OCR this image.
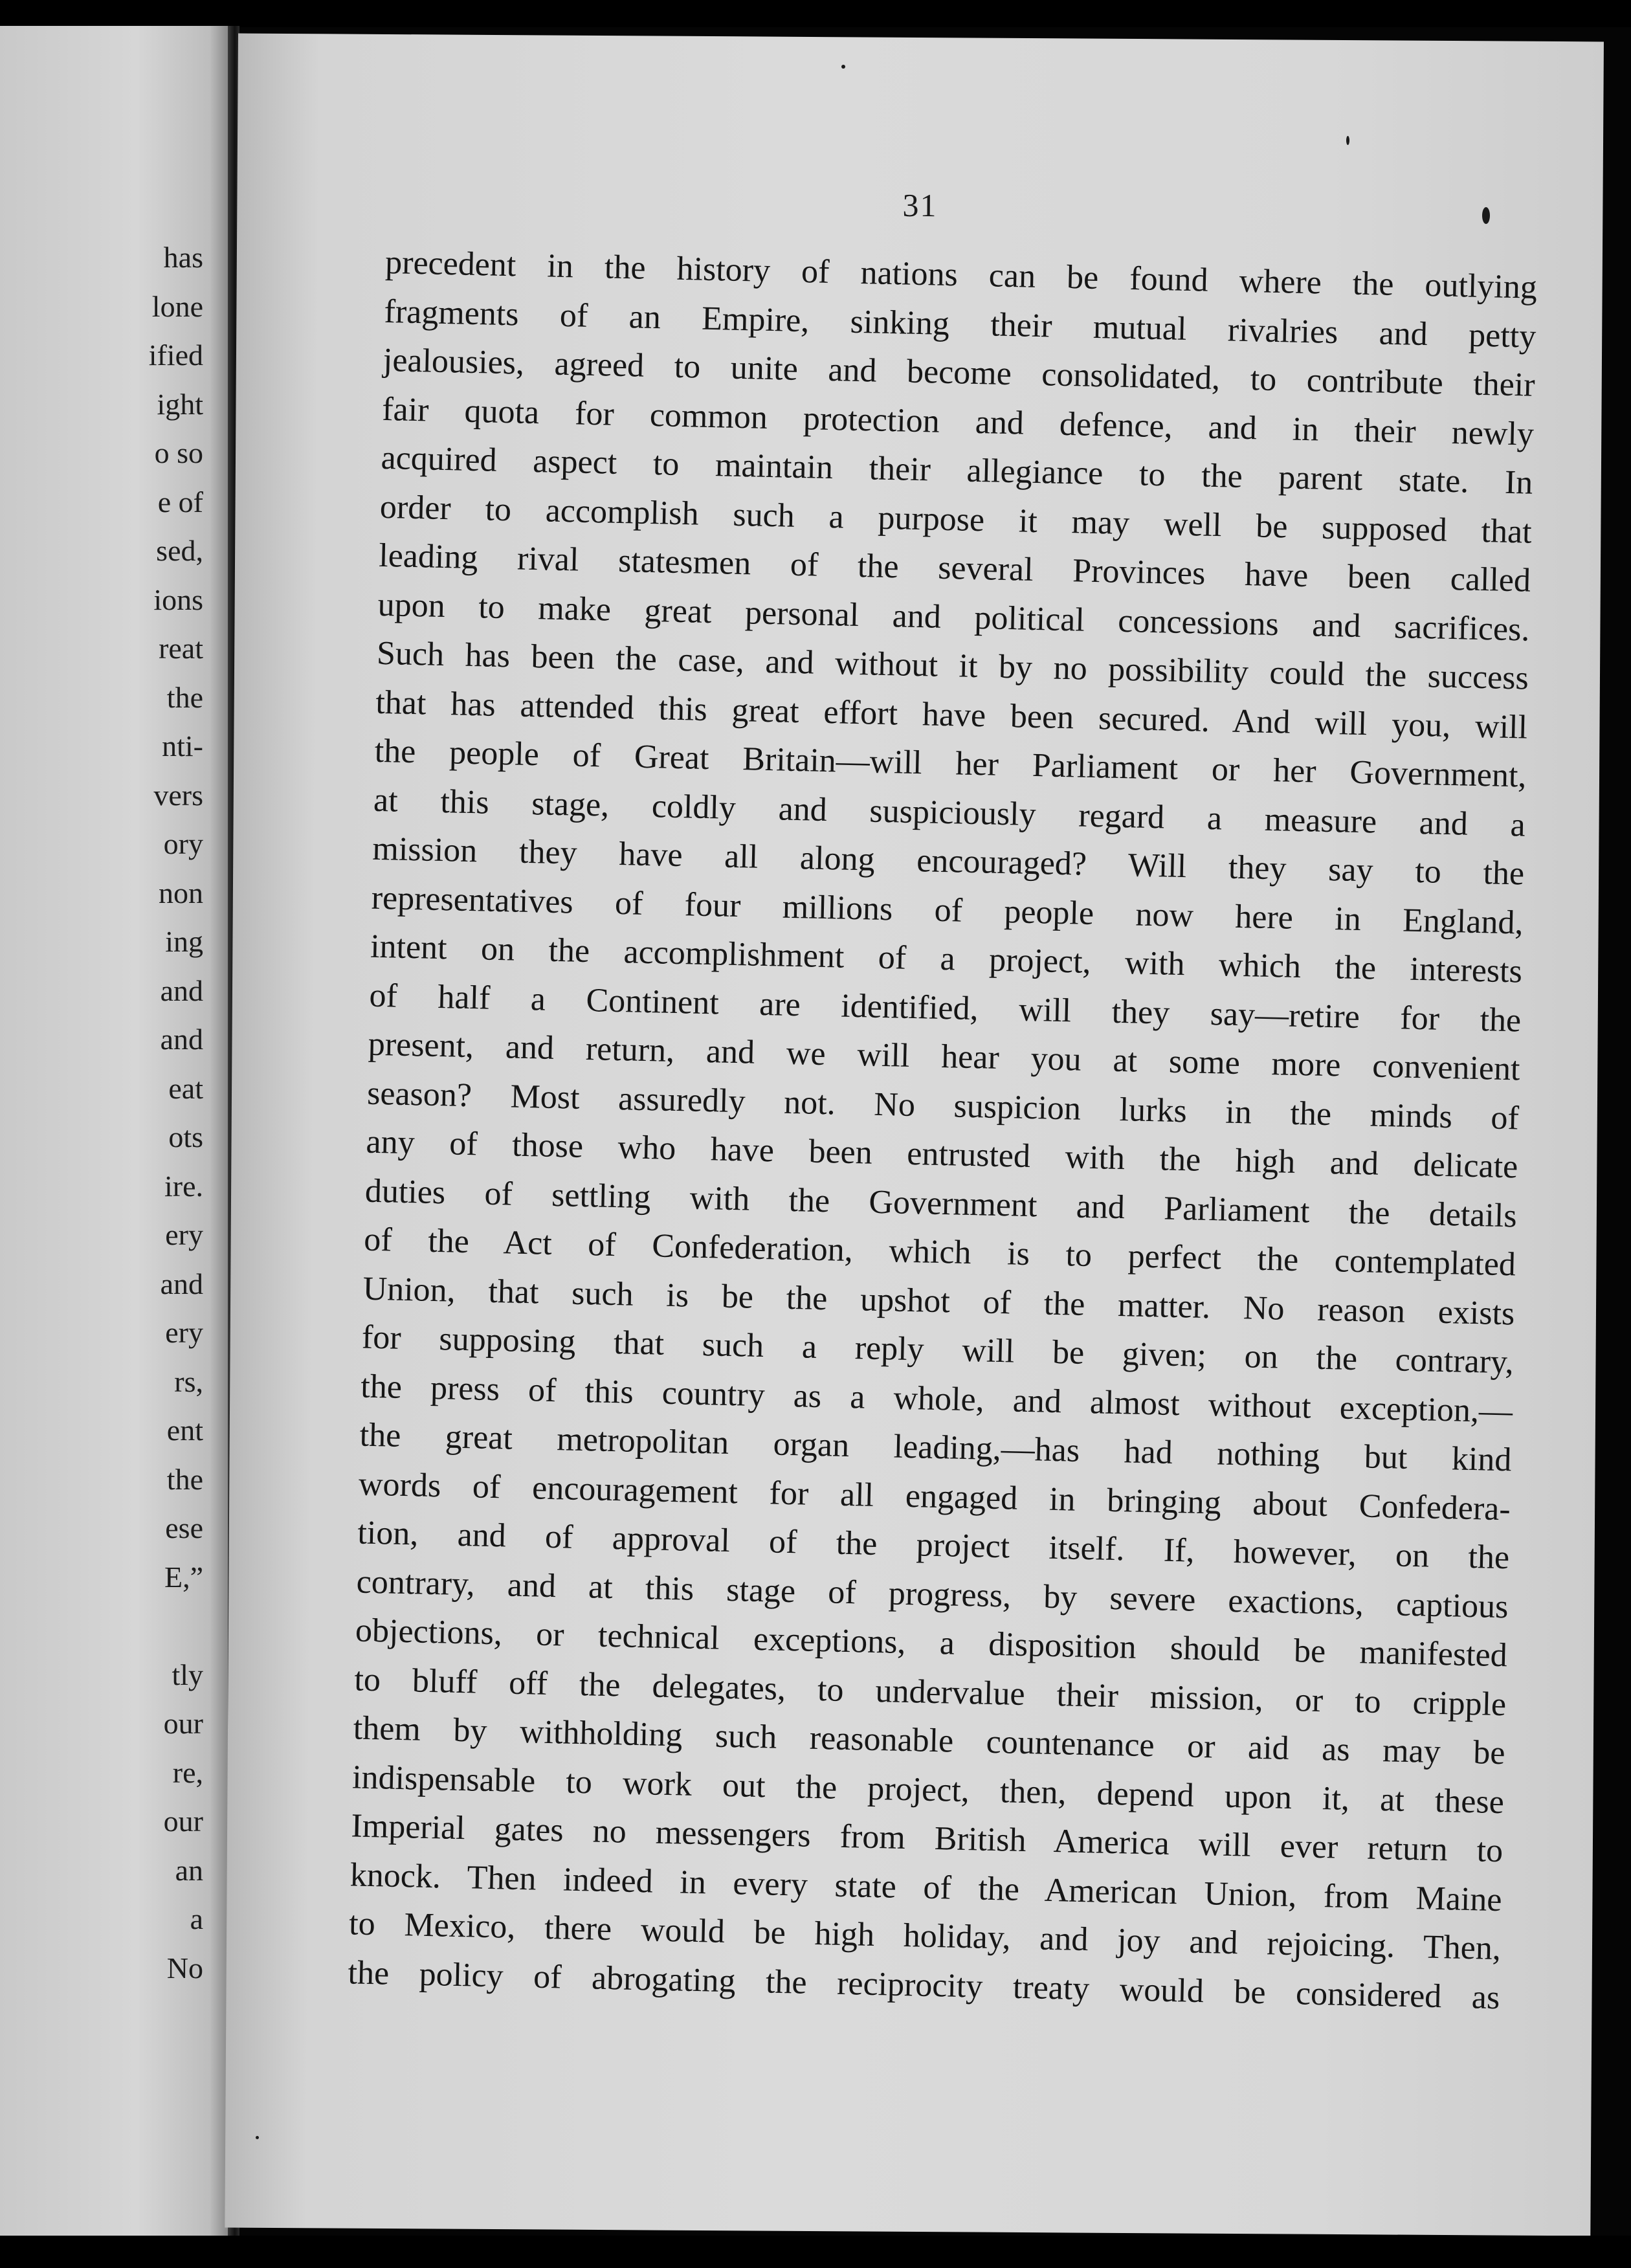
has
lone
ified
ight
o so
e of
sed,
ions
reat
the
nti-
vers
ory
non
ing
and
and
eat
ots
ire.
ery
and
ery
rs,
ent
the
ese
E,”
tly
our
re,
our
an
a
No
31
precedent in the history of nations can be found where the outlying
fragments of an Empire, sinking their mutual rivalries and petty
jealousies, agreed to unite and become consolidated, to contribute their
fair quota for common protection and defence, and in their newly
acquired aspect to maintain their allegiance to the parent state. In
order to accomplish such a purpose it may well be supposed that
leading rival statesmen of the several Provinces have been called
upon to make great personal and political concessions and sacrifices.
Such has been the case, and without it by no possibility could the success
that has attended this great effort have been secured. And will you, will
the people of Great Britain—will her Parliament or her Government,
at this stage, coldly and suspiciously regard a measure and a
mission they have all along encouraged? Will they say to the
representatives of four millions of people now here in England,
intent on the accomplishment of a project, with which the interests
of half a Continent are identified, will they say—retire for the
present, and return, and we will hear you at some more convenient
season? Most assuredly not. No suspicion lurks in the minds of
any of those who have been entrusted with the high and delicate
duties of settling with the Government and Parliament the details
of the Act of Confederation, which is to perfect the contemplated
Union, that such is be the upshot of the matter. No reason exists
for supposing that such a reply will be given; on the contrary,
the press of this country as a whole, and almost without exception,—
the great metropolitan organ leading,—has had nothing but kind
words of encouragement for all engaged in bringing about Confedera-
tion, and of approval of the project itself. If, however, on the
contrary, and at this stage of progress, by severe exactions, captious
objections, or technical exceptions, a disposition should be manifested
to bluff off the delegates, to undervalue their mission, or to cripple
them by withholding such reasonable countenance or aid as may be
indispensable to work out the project, then, depend upon it, at these
Imperial gates no messengers from British America will ever return to
knock. Then indeed in every state of the American Union, from Maine
to Mexico, there would be high holiday, and joy and rejoicing. Then,
the policy of abrogating the reciprocity treaty would be considered as
